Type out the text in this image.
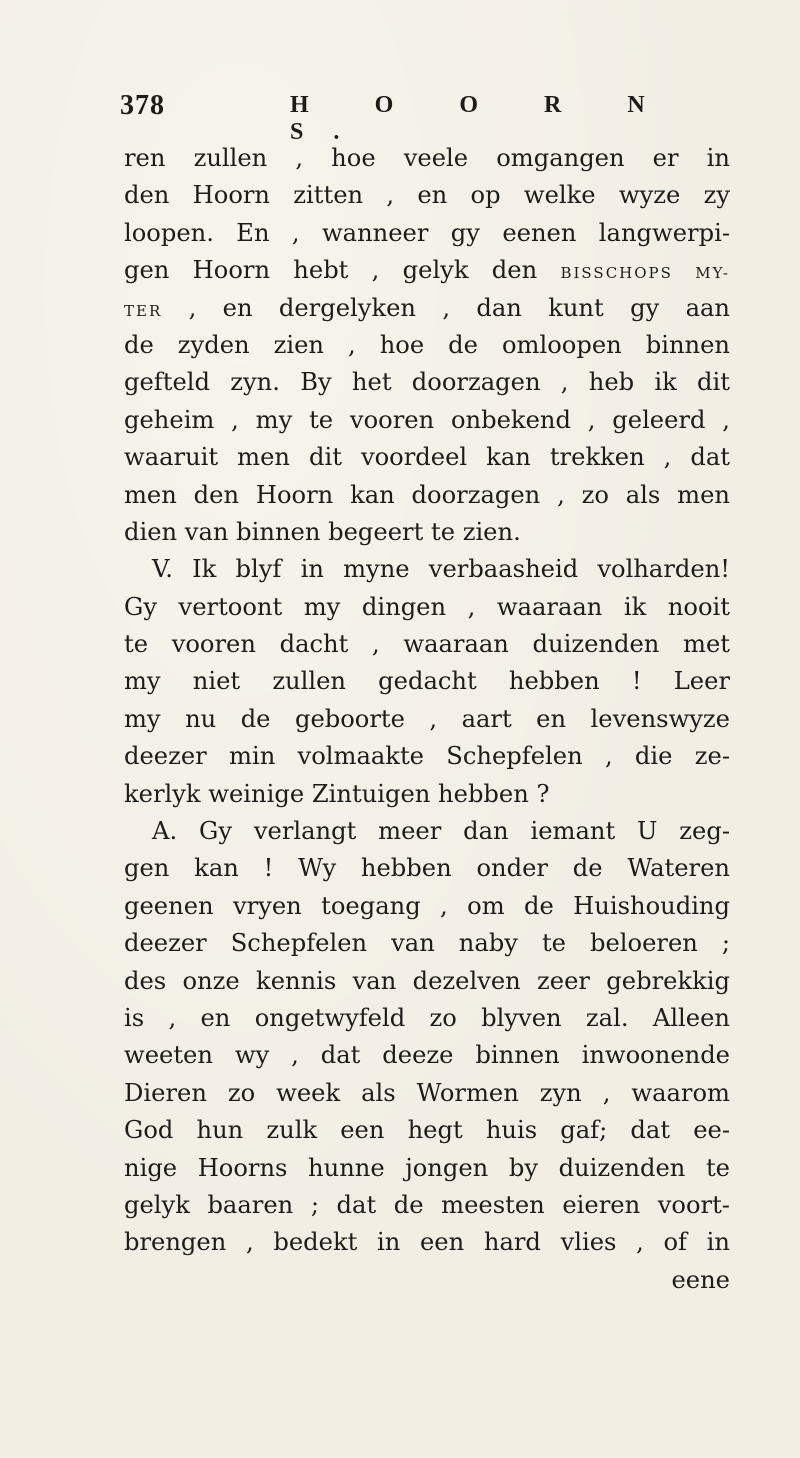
378	H O O R N S.
ren zullen , hoe veele omgangen er in
den Hoorn zitten , en op welke wyze zy
loopen. En , wanneer gy eenen langwerpi-
gen Hoorn hebt , gelyk den BISSCHOPS MY-
TER , en dergelyken , dan kunt gy aan
de zyden zien , hoe de omloopen binnen
gefteld zyn. By het doorzagen , heb ik dit
geheim , my te vooren onbekend , geleerd ,
waaruit men dit voordeel kan trekken , dat
men den Hoorn kan doorzagen , zo als men
dien van binnen begeert te zien.
V. Ik blyf in myne verbaasheid volharden!
Gy vertoont my dingen , waaraan ik nooit
te vooren dacht , waaraan duizenden met
my niet zullen gedacht hebben ! Leer
my nu de geboorte , aart en levenswyze
deezer min volmaakte Schepfelen , die ze-
kerlyk weinige Zintuigen hebben ?
A. Gy verlangt meer dan iemant U zeg-
gen kan ! Wy hebben onder de Wateren
geenen vryen toegang , om de Huishouding
deezer Schepfelen van naby te beloeren ;
des onze kennis van dezelven zeer gebrekkig
is , en ongetwyfeld zo blyven zal. Alleen
weeten wy , dat deeze binnen inwoonende
Dieren zo week als Wormen zyn , waarom
God hun zulk een hegt huis gaf; dat ee-
nige Hoorns hunne jongen by duizenden te
gelyk baaren ; dat de meesten eieren voort-
brengen , bedekt in een hard vlies , of in
eene
